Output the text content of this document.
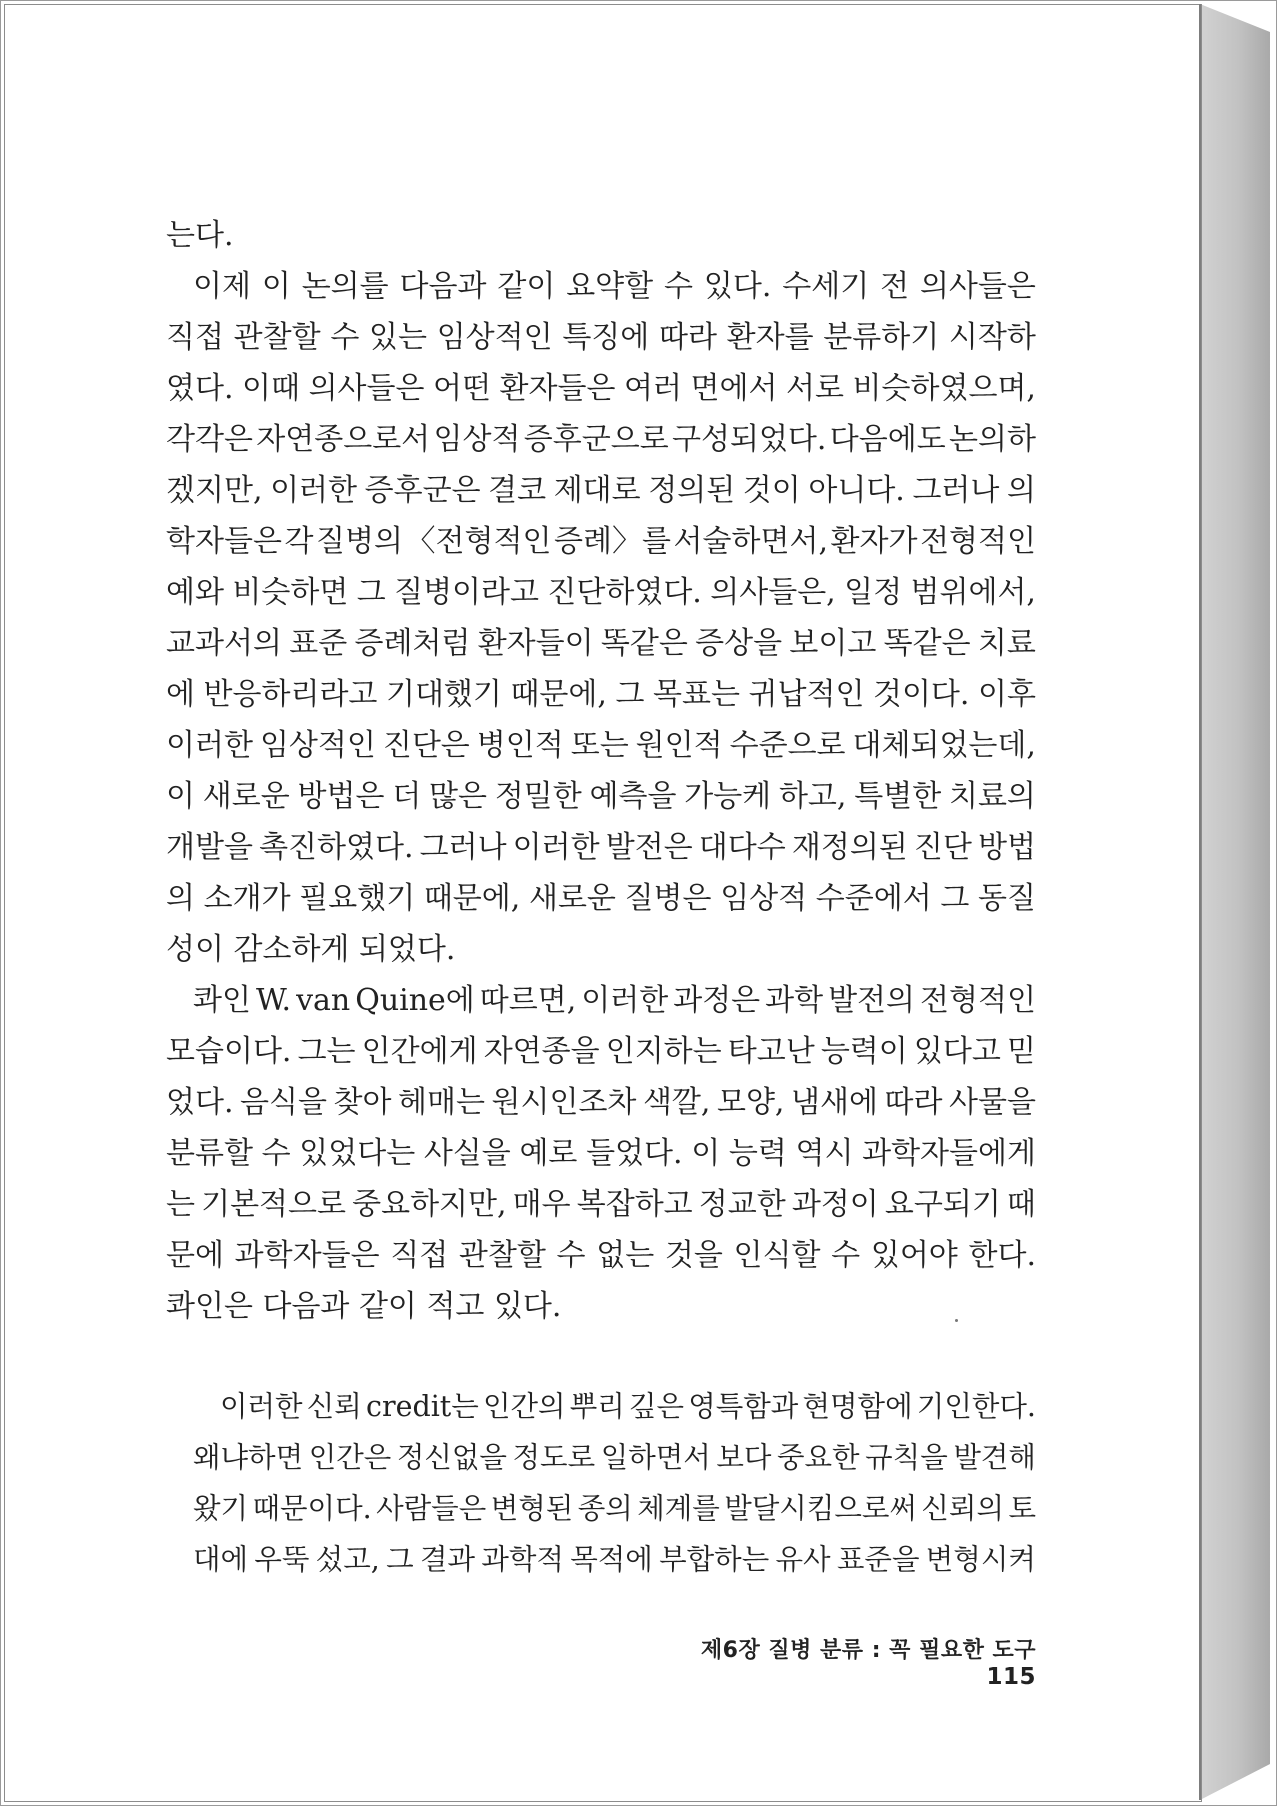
는다.
이제 이 논의를 다음과 같이 요약할 수 있다. 수세기 전 의사들은
직접 관찰할 수 있는 임상적인 특징에 따라 환자를 분류하기 시작하
였다. 이때 의사들은 어떤 환자들은 여러 면에서 서로 비슷하였으며,
각각은 자연종으로서 임상적 증후군으로 구성되었다. 다음에도 논의하
겠지만, 이러한 증후군은 결코 제대로 정의된 것이 아니다. 그러나 의
학자들은 각 질병의 〈전형적인 증례〉를 서술하면서, 환자가 전형적인
예와 비슷하면 그 질병이라고 진단하였다. 의사들은, 일정 범위에서,
교과서의 표준 증례처럼 환자들이 똑같은 증상을 보이고 똑같은 치료
에 반응하리라고 기대했기 때문에, 그 목표는 귀납적인 것이다. 이후
이러한 임상적인 진단은 병인적 또는 원인적 수준으로 대체되었는데,
이 새로운 방법은 더 많은 정밀한 예측을 가능케 하고, 특별한 치료의
개발을 촉진하였다. 그러나 이러한 발전은 대다수 재정의된 진단 방법
의 소개가 필요했기 때문에, 새로운 질병은 임상적 수준에서 그 동질
성이 감소하게 되었다.
콰인 W. van Quine에 따르면, 이러한 과정은 과학 발전의 전형적인
모습이다. 그는 인간에게 자연종을 인지하는 타고난 능력이 있다고 믿
었다. 음식을 찾아 헤매는 원시인조차 색깔, 모양, 냄새에 따라 사물을
분류할 수 있었다는 사실을 예로 들었다. 이 능력 역시 과학자들에게
는 기본적으로 중요하지만, 매우 복잡하고 정교한 과정이 요구되기 때
문에 과학자들은 직접 관찰할 수 없는 것을 인식할 수 있어야 한다.
콰인은 다음과 같이 적고 있다.
이러한 신뢰 credit는 인간의 뿌리 깊은 영특함과 현명함에 기인한다.
왜냐하면 인간은 정신없을 정도로 일하면서 보다 중요한 규칙을 발견해
왔기 때문이다. 사람들은 변형된 종의 체계를 발달시킴으로써 신뢰의 토
대에 우뚝 섰고, 그 결과 과학적 목적에 부합하는 유사 표준을 변형시켜
제6장 질병 분류 : 꼭 필요한 도구115
